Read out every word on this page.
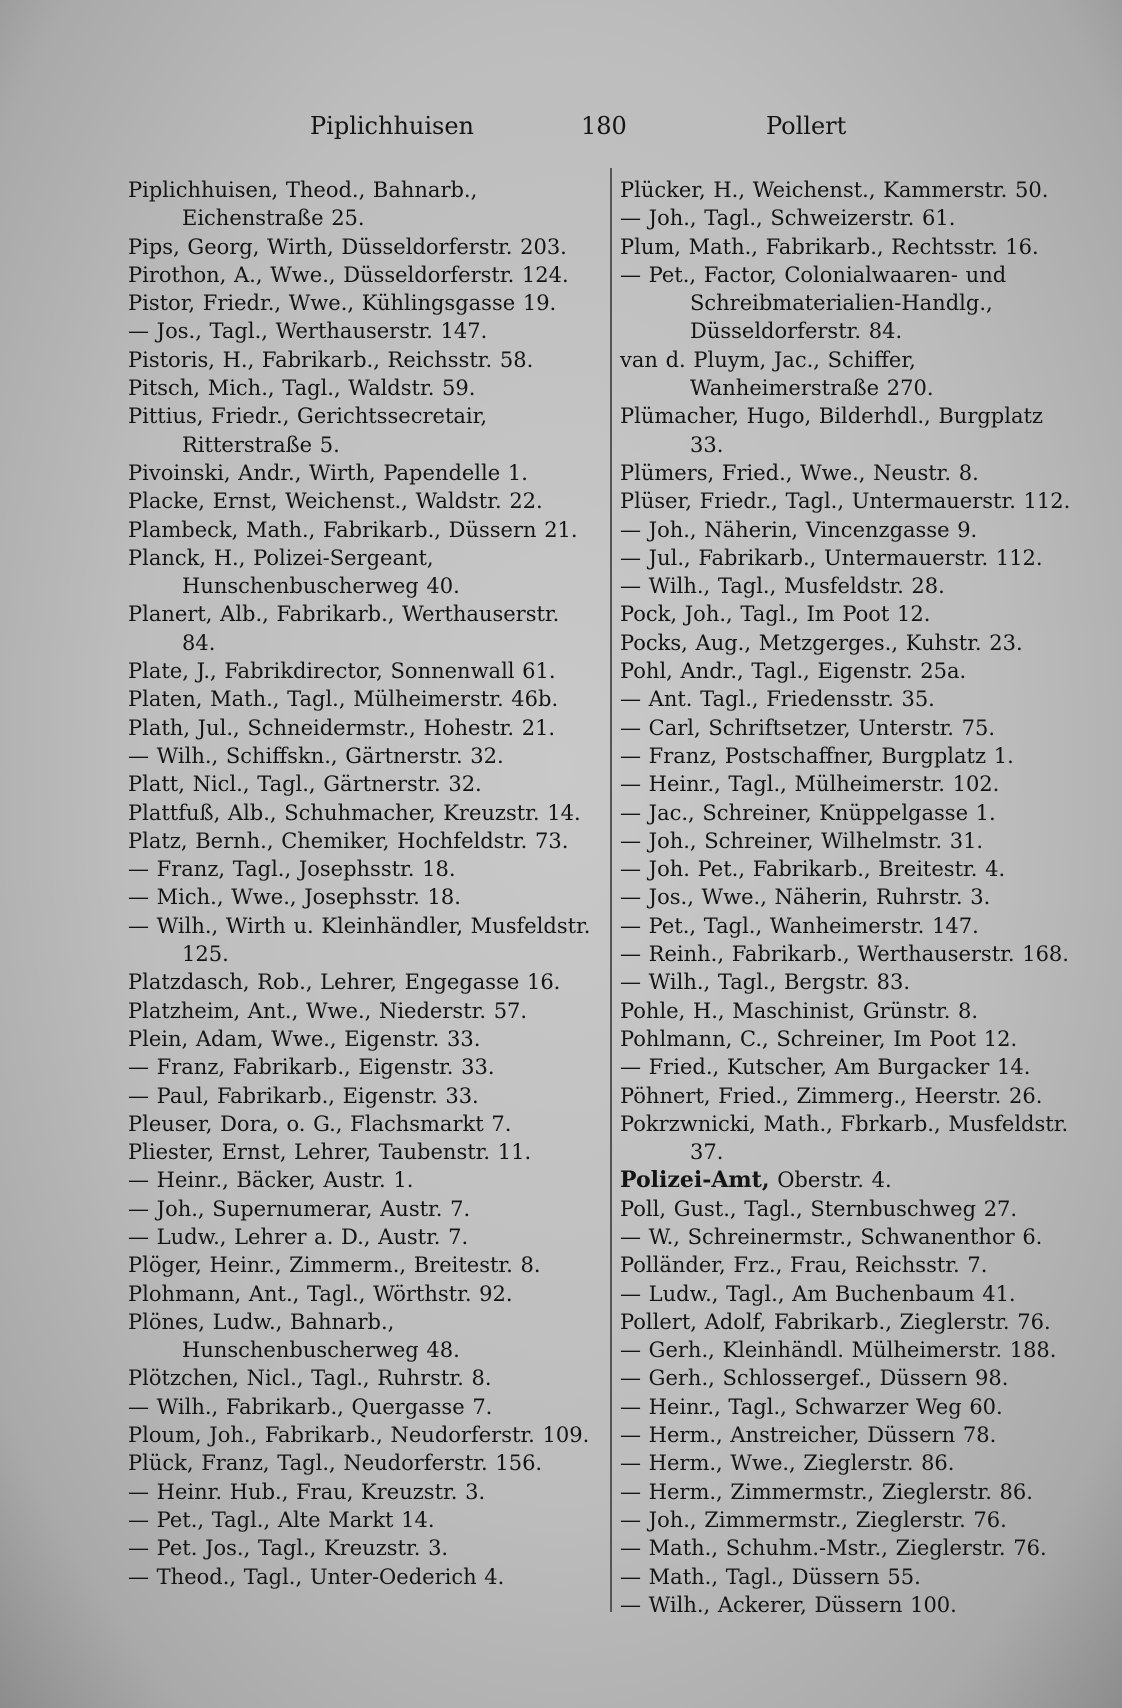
Piplichhuisen	180	Pollert
Piplichhuisen, Theod., Bahnarb., Eichenstraße 25.
Pips, Georg, Wirth, Düsseldorferstr. 203.
Pirothon, A., Wwe., Düsseldorferstr. 124.
Pistor, Friedr., Wwe., Kühlingsgasse 19.
— Jos., Tagl., Werthauserstr. 147.
Pistoris, H., Fabrikarb., Reichsstr. 58.
Pitsch, Mich., Tagl., Waldstr. 59.
Pittius, Friedr., Gerichtssecretair, Ritterstraße 5.
Pivoinski, Andr., Wirth, Papendelle 1.
Placke, Ernst, Weichenst., Waldstr. 22.
Plambeck, Math., Fabrikarb., Düssern 21.
Planck, H., Polizei-Sergeant, Hunschenbuscherweg 40.
Planert, Alb., Fabrikarb., Werthauserstr. 84.
Plate, J., Fabrikdirector, Sonnenwall 61.
Platen, Math., Tagl., Mülheimerstr. 46b.
Plath, Jul., Schneidermstr., Hohestr. 21.
— Wilh., Schiffskn., Gärtnerstr. 32.
Platt, Nicl., Tagl., Gärtnerstr. 32.
Plattfuß, Alb., Schuhmacher, Kreuzstr. 14.
Platz, Bernh., Chemiker, Hochfeldstr. 73.
— Franz, Tagl., Josephsstr. 18.
— Mich., Wwe., Josephsstr. 18.
— Wilh., Wirth u. Kleinhändler, Musfeldstr. 125.
Platzdasch, Rob., Lehrer, Engegasse 16.
Platzheim, Ant., Wwe., Niederstr. 57.
Plein, Adam, Wwe., Eigenstr. 33.
— Franz, Fabrikarb., Eigenstr. 33.
— Paul, Fabrikarb., Eigenstr. 33.
Pleuser, Dora, o. G., Flachsmarkt 7.
Pliester, Ernst, Lehrer, Taubenstr. 11.
— Heinr., Bäcker, Austr. 1.
— Joh., Supernumerar, Austr. 7.
— Ludw., Lehrer a. D., Austr. 7.
Plöger, Heinr., Zimmerm., Breitestr. 8.
Plohmann, Ant., Tagl., Wörthstr. 92.
Plönes, Ludw., Bahnarb., Hunschenbuscherweg 48.
Plötzchen, Nicl., Tagl., Ruhrstr. 8.
— Wilh., Fabrikarb., Quergasse 7.
Ploum, Joh., Fabrikarb., Neudorferstr. 109.
Plück, Franz, Tagl., Neudorferstr. 156.
— Heinr. Hub., Frau, Kreuzstr. 3.
— Pet., Tagl., Alte Markt 14.
— Pet. Jos., Tagl., Kreuzstr. 3.
— Theod., Tagl., Unter-Oederich 4.
Plücker, H., Weichenst., Kammerstr. 50.
— Joh., Tagl., Schweizerstr. 61.
Plum, Math., Fabrikarb., Rechtsstr. 16.
— Pet., Factor, Colonialwaaren- und Schreibmaterialien-Handlg., Düsseldorferstr. 84.
van d. Pluym, Jac., Schiffer, Wanheimerstraße 270.
Plümacher, Hugo, Bilderhdl., Burgplatz 33.
Plümers, Fried., Wwe., Neustr. 8.
Plüser, Friedr., Tagl., Untermauerstr. 112.
— Joh., Näherin, Vincenzgasse 9.
— Jul., Fabrikarb., Untermauerstr. 112.
— Wilh., Tagl., Musfeldstr. 28.
Pock, Joh., Tagl., Im Poot 12.
Pocks, Aug., Metzgerges., Kuhstr. 23.
Pohl, Andr., Tagl., Eigenstr. 25a.
— Ant. Tagl., Friedensstr. 35.
— Carl, Schriftsetzer, Unterstr. 75.
— Franz, Postschaffner, Burgplatz 1.
— Heinr., Tagl., Mülheimerstr. 102.
— Jac., Schreiner, Knüppelgasse 1.
— Joh., Schreiner, Wilhelmstr. 31.
— Joh. Pet., Fabrikarb., Breitestr. 4.
— Jos., Wwe., Näherin, Ruhrstr. 3.
— Pet., Tagl., Wanheimerstr. 147.
— Reinh., Fabrikarb., Werthauserstr. 168.
— Wilh., Tagl., Bergstr. 83.
Pohle, H., Maschinist, Grünstr. 8.
Pohlmann, C., Schreiner, Im Poot 12.
— Fried., Kutscher, Am Burgacker 14.
Pöhnert, Fried., Zimmerg., Heerstr. 26.
Pokrzwnicki, Math., Fbrkarb., Musfeldstr. 37.
Polizei-Amt, Oberstr. 4.
Poll, Gust., Tagl., Sternbuschweg 27.
— W., Schreinermstr., Schwanenthor 6.
Polländer, Frz., Frau, Reichsstr. 7.
— Ludw., Tagl., Am Buchenbaum 41.
Pollert, Adolf, Fabrikarb., Zieglerstr. 76.
— Gerh., Kleinhändl. Mülheimerstr. 188.
— Gerh., Schlossergef., Düssern 98.
— Heinr., Tagl., Schwarzer Weg 60.
— Herm., Anstreicher, Düssern 78.
— Herm., Wwe., Zieglerstr. 86.
— Herm., Zimmermstr., Zieglerstr. 86.
— Joh., Zimmermstr., Zieglerstr. 76.
— Math., Schuhm.-Mstr., Zieglerstr. 76.
— Math., Tagl., Düssern 55.
— Wilh., Ackerer, Düssern 100.
